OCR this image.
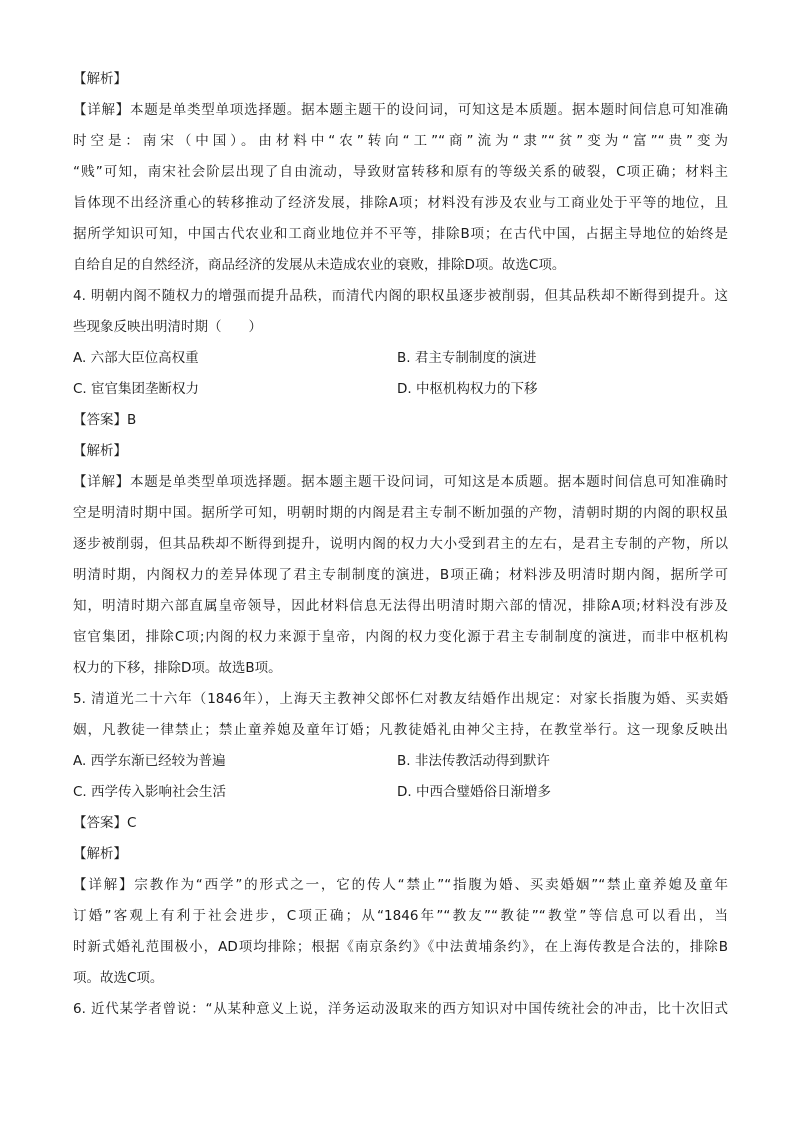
【解析】
【详解】本题是单类型单项选择题。据本题主题干的设问词，可知这是本质题。据本题时间信息可知准确
时空是：南宋（中国）。由材料中“农”转向“工”“商”流为“隶”“贫”变为“富”“贵”变为
“贱”可知，南宋社会阶层出现了自由流动，导致财富转移和原有的等级关系的破裂，C项正确；材料主
旨体现不出经济重心的转移推动了经济发展，排除A项；材料没有涉及农业与工商业处于平等的地位，且
据所学知识可知，中国古代农业和工商业地位并不平等，排除B项；在古代中国，占据主导地位的始终是
自给自足的自然经济，商品经济的发展从未造成农业的衰败，排除D项。故选C项。
4. 明朝内阁不随权力的增强而提升品秩，而清代内阁的职权虽逐步被削弱，但其品秩却不断得到提升。这
些现象反映出明清时期（　　）
A. 六部大臣位高权重	B. 君主专制制度的演进
C. 宦官集团垄断权力	D. 中枢机构权力的下移
【答案】B
【解析】
【详解】本题是单类型单项选择题。据本题主题干设问词，可知这是本质题。据本题时间信息可知准确时
空是明清时期中国。据所学可知，明朝时期的内阁是君主专制不断加强的产物，清朝时期的内阁的职权虽
逐步被削弱，但其品秩却不断得到提升，说明内阁的权力大小受到君主的左右，是君主专制的产物，所以
明清时期，内阁权力的差异体现了君主专制制度的演进，B项正确；材料涉及明清时期内阁，据所学可
知，明清时期六部直属皇帝领导，因此材料信息无法得出明清时期六部的情况，排除A项;材料没有涉及
宦官集团，排除C项;内阁的权力来源于皇帝，内阁的权力变化源于君主专制制度的演进，而非中枢机构
权力的下移，排除D项。故选B项。
5. 清道光二十六年（1846年），上海天主教神父郎怀仁对教友结婚作出规定：对家长指腹为婚、买卖婚
姻，凡教徒一律禁止；禁止童养媳及童年订婚；凡教徒婚礼由神父主持，在教堂举行。这一现象反映出
A. 西学东渐已经较为普遍	B. 非法传教活动得到默许
C. 西学传入影响社会生活	D. 中西合璧婚俗日渐增多
【答案】C
【解析】
【详解】宗教作为“西学”的形式之一，它的传人“禁止”“指腹为婚、买卖婚姻”“禁止童养媳及童年
订婚”客观上有利于社会进步，C项正确；从“1846年”“教友”“教徒”“教堂”等信息可以看出，当
时新式婚礼范围极小，AD项均排除；根据《南京条约》《中法黄埔条约》，在上海传教是合法的，排除B
项。故选C项。
6. 近代某学者曾说：“从某种意义上说，洋务运动汲取来的西方知识对中国传统社会的冲击，比十次旧式
